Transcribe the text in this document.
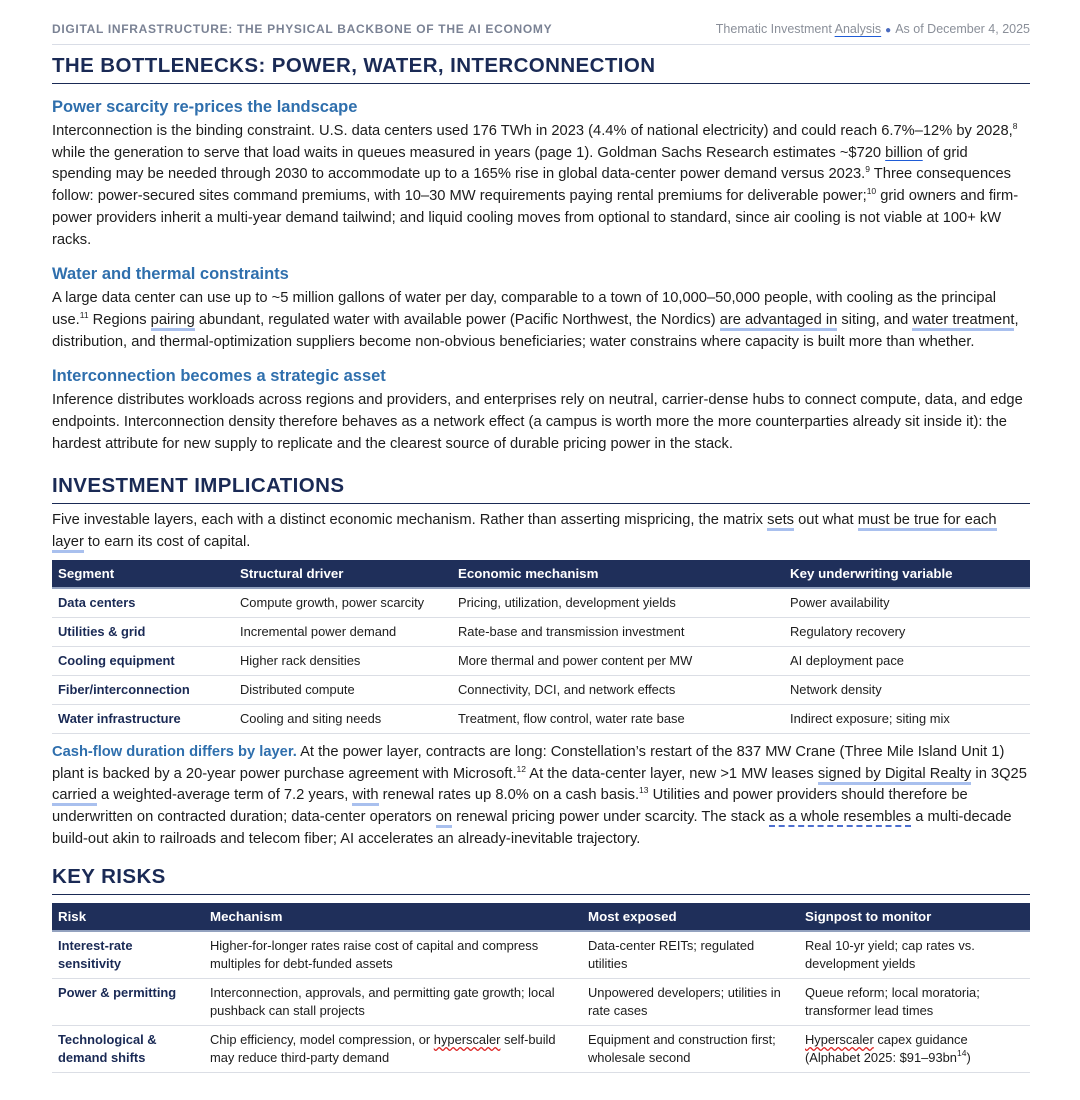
DIGITAL INFRASTRUCTURE: THE PHYSICAL BACKBONE OF THE AI ECONOMY	Thematic Investment Analysis ● As of December 4, 2025
THE BOTTLENECKS: POWER, WATER, INTERCONNECTION
Power scarcity re-prices the landscape

Interconnection is the binding constraint. U.S. data centers used 176 TWh in 2023 (4.4% of national electricity) and could reach 6.7%–12% by 2028,$^8$ while the generation to serve that load waits in queues measured in years (page 1). Goldman Sachs Research estimates ~$720 billion of grid spending may be needed through 2030 to accommodate up to a 165% rise in global data-center power demand versus 2023.$^9$ Three consequences follow: power-secured sites command premiums, with 10–30 MW requirements paying rental premiums for deliverable power;$^{10}$ grid owners and firm-power providers inherit a multi-year demand tailwind; and liquid cooling moves from optional to standard, since air cooling is not viable at 100+ kW racks.

Water and thermal constraints

A large data center can use up to ~5 million gallons of water per day, comparable to a town of 10,000–50,000 people, with cooling as the principal use.$^{11}$ Regions pairing abundant, regulated water with available power (Pacific Northwest, the Nordics) are advantaged in siting, and water treatment, distribution, and thermal-optimization suppliers become non-obvious beneficiaries; water constrains where capacity is built more than whether.

Interconnection becomes a strategic asset

Inference distributes workloads across regions and providers, and enterprises rely on neutral, carrier-dense hubs to connect compute, data, and edge endpoints. Interconnection density therefore behaves as a network effect (a campus is worth more the more counterparties already sit inside it): the hardest attribute for new supply to replicate and the clearest source of durable pricing power in the stack.

INVESTMENT IMPLICATIONS

Five investable layers, each with a distinct economic mechanism. Rather than asserting mispricing, the matrix sets out what must be true for each layer to earn its cost of capital.

Segment	Structural driver	Economic mechanism	Key underwriting variable
Data centers	Compute growth, power scarcity	Pricing, utilization, development yields	Power availability
Utilities & grid	Incremental power demand	Rate-base and transmission investment	Regulatory recovery
Cooling equipment	Higher rack densities	More thermal and power content per MW	AI deployment pace
Fiber/interconnection	Distributed compute	Connectivity, DCI, and network effects	Network density
Water infrastructure	Cooling and siting needs	Treatment, flow control, water rate base	Indirect exposure; siting mix

Cash-flow duration differs by layer. At the power layer, contracts are long: Constellation’s restart of the 837 MW Crane (Three Mile Island Unit 1) plant is backed by a 20-year power purchase agreement with Microsoft.$^{12}$ At the data-center layer, new >1 MW leases signed by Digital Realty in 3Q25 carried a weighted-average term of 7.2 years, with renewal rates up 8.0% on a cash basis.$^{13}$ Utilities and power providers should therefore be underwritten on contracted duration; data-center operators on renewal pricing power under scarcity. The stack as a whole resembles a multi-decade build-out akin to railroads and telecom fiber; AI accelerates an already-inevitable trajectory.

KEY RISKS
Risk	Mechanism	Most exposed	Signpost to monitor
Interest-rate sensitivity	Higher-for-longer rates raise cost of capital and compress multiples for debt-funded assets	Data-center REITs; regulated utilities	Real 10-yr yield; cap rates vs. development yields
Power & permitting	Interconnection, approvals, and permitting gate growth; local pushback can stall projects	Unpowered developers; utilities in rate cases	Queue reform; local moratoria; transformer lead times
Technological & demand shifts	Chip efficiency, model compression, or hyperscaler self-build may reduce third-party demand	Equipment and construction first; wholesale second	Hyperscaler capex guidance (Alphabet 2025: $\$91-93bn^{14}$)
